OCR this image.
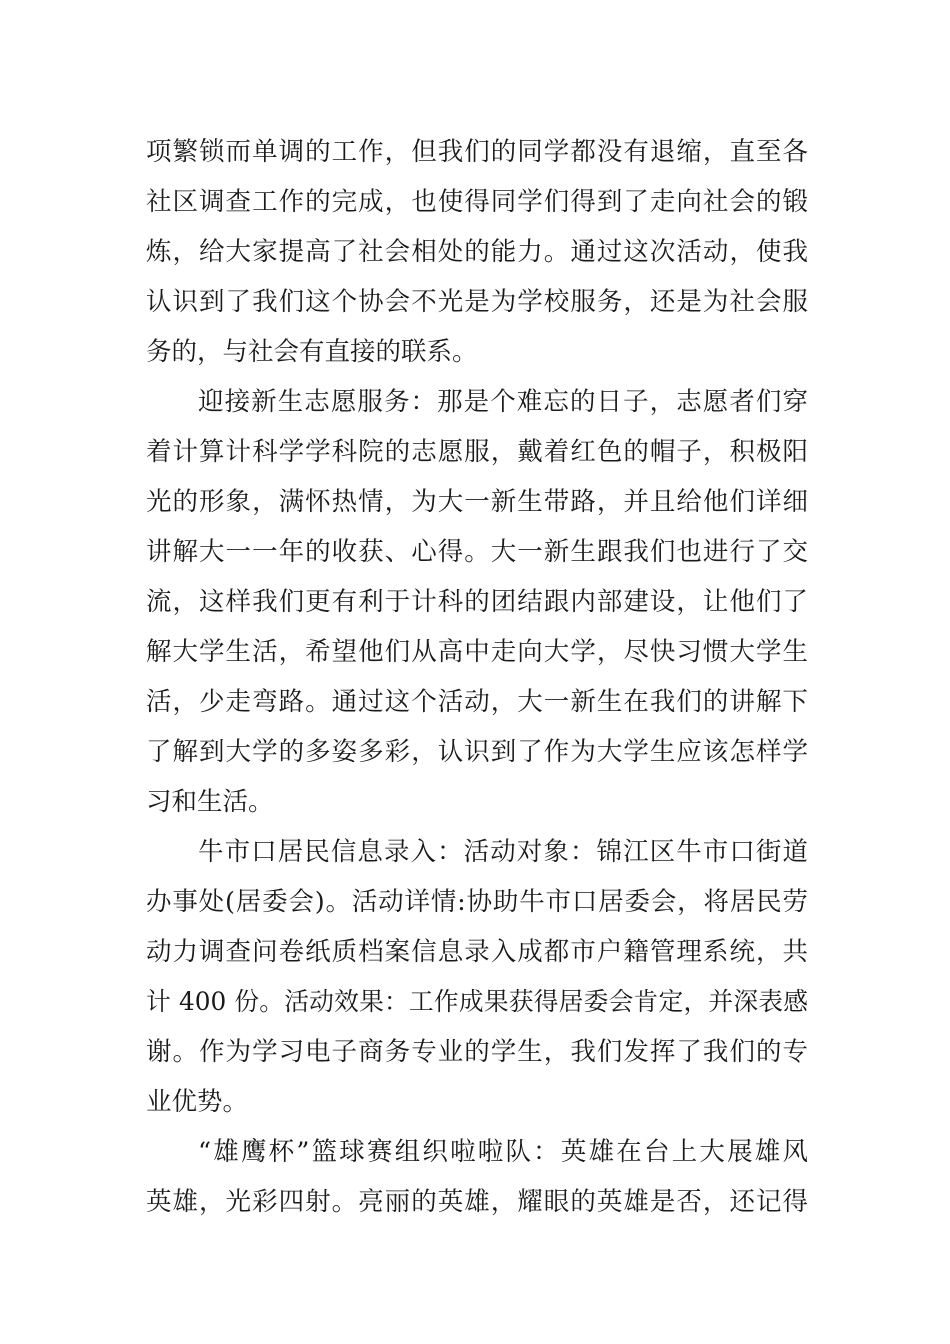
项繁锁而单调的工作，但我们的同学都没有退缩，直至各
社区调查工作的完成，也使得同学们得到了走向社会的锻
炼，给大家提高了社会相处的能力。通过这次活动，使我
认识到了我们这个协会不光是为学校服务，还是为社会服
务的，与社会有直接的联系。
迎接新生志愿服务：那是个难忘的日子，志愿者们穿
着计算计科学学科院的志愿服，戴着红色的帽子，积极阳
光的形象，满怀热情，为大一新生带路，并且给他们详细
讲解大一一年的收获、心得。大一新生跟我们也进行了交
流，这样我们更有利于计科的团结跟内部建设，让他们了
解大学生活，希望他们从高中走向大学，尽快习惯大学生
活，少走弯路。通过这个活动，大一新生在我们的讲解下
了解到大学的多姿多彩，认识到了作为大学生应该怎样学
习和生活。
牛市口居民信息录入：活动对象：锦江区牛市口街道
办事处(居委会)。活动详情:协助牛市口居委会，将居民劳
动力调查问卷纸质档案信息录入成都市户籍管理系统，共
计 400 份。活动效果：工作成果获得居委会肯定，并深表感
谢。作为学习电子商务专业的学生，我们发挥了我们的专
业优势。
“雄鹰杯”篮球赛组织啦啦队：英雄在台上大展雄风
英雄，光彩四射。亮丽的英雄，耀眼的英雄是否，还记得
